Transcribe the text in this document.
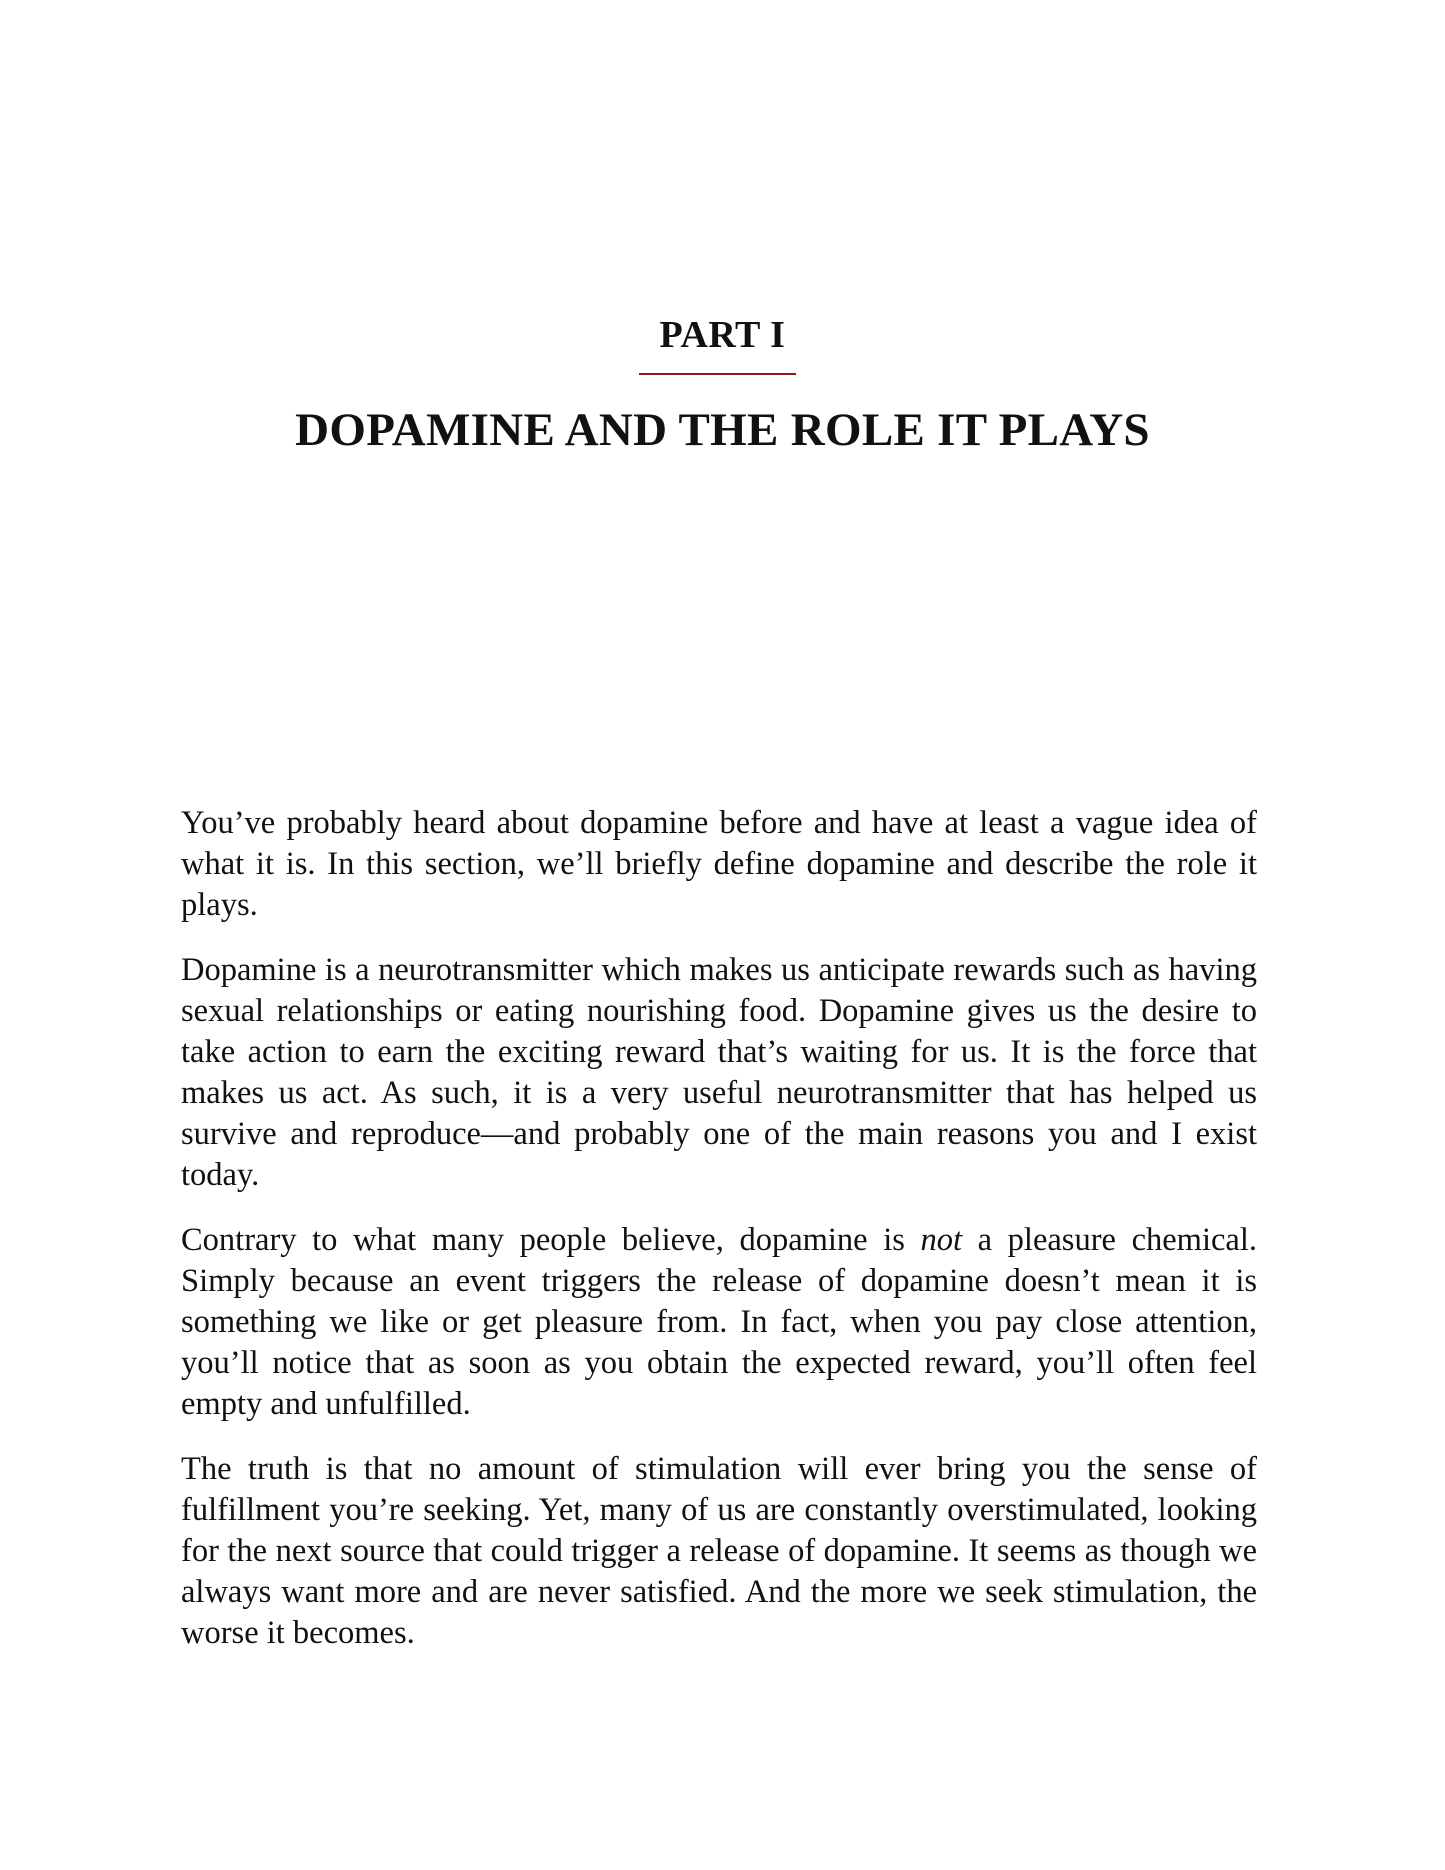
PART I
DOPAMINE AND THE ROLE IT PLAYS

You’ve probably heard about dopamine before and have at least a vague idea of what it is. In this section, we’ll briefly define dopamine and describe the role it plays.

Dopamine is a neurotransmitter which makes us anticipate rewards such as having sexual relationships or eating nourishing food. Dopamine gives us the desire to take action to earn the exciting reward that’s waiting for us. It is the force that makes us act. As such, it is a very useful neurotransmitter that has helped us survive and reproduce—and probably one of the main reasons you and I exist today.

Contrary to what many people believe, dopamine is not a pleasure chemical. Simply because an event triggers the release of dopamine doesn’t mean it is something we like or get pleasure from. In fact, when you pay close attention, you’ll notice that as soon as you obtain the expected reward, you’ll often feel empty and unfulfilled.

The truth is that no amount of stimulation will ever bring you the sense of fulfillment you’re seeking. Yet, many of us are constantly overstimulated, looking for the next source that could trigger a release of dopamine. It seems as though we always want more and are never satisfied. And the more we seek stimulation, the worse it becomes.
